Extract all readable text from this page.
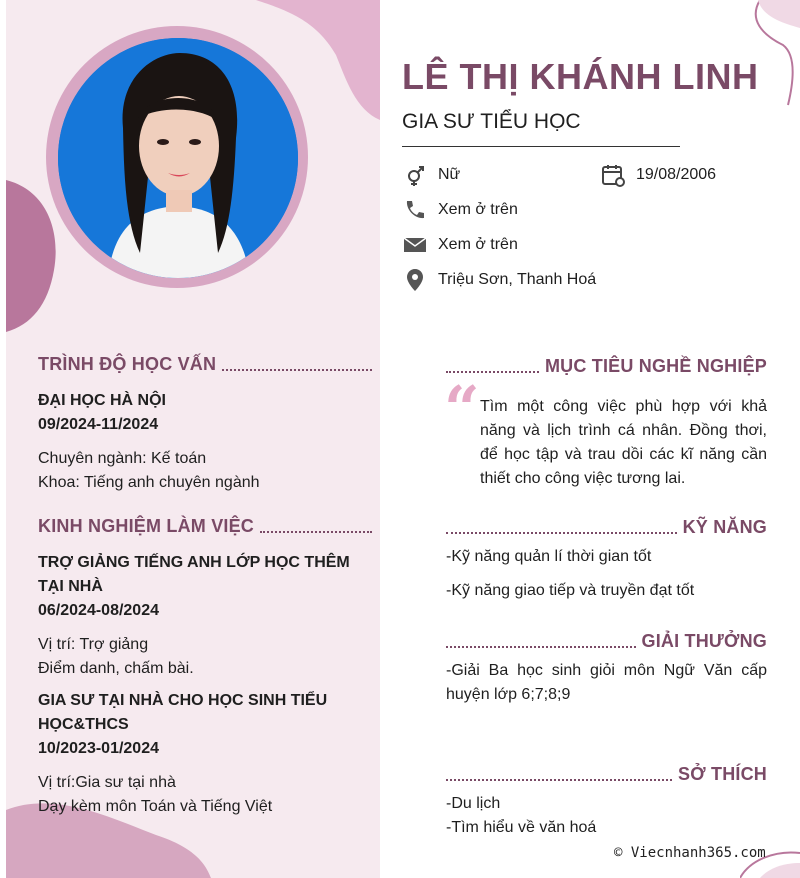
TRÌNH ĐỘ HỌC VẤN
ĐẠI HỌC HÀ NỘI
09/2024-11/2024
Chuyên ngành: Kế toán
Khoa: Tiếng anh chuyên ngành
KINH NGHIỆM LÀM VIỆC
TRỢ GIẢNG TIẾNG ANH LỚP HỌC THÊM
TẠI NHÀ
06/2024-08/2024
Vị trí: Trợ giảng
Điểm danh, chấm bài.
GIA SƯ TẠI NHÀ CHO HỌC SINH TIỂU
HỌC&THCS
10/2023-01/2024
Vị trí:Gia sư tại nhà
Dạy kèm môn Toán và Tiếng Việt
LÊ THỊ KHÁNH LINH
GIA SƯ TIỂU HỌC
Nữ	19/08/2006
Xem ở trên
Xem ở trên
Triệu Sơn, Thanh Hoá
MỤC TIÊU NGHỀ NGHIỆP
“ Tìm một công việc phù hợp với khả năng và lịch trình cá nhân. Đồng thơi, để học tập và trau dồi các kĩ năng cần thiết cho công việc tương lai.
KỸ NĂNG
-Kỹ năng quản lí thời gian tốt
-Kỹ năng giao tiếp và truyền đạt tốt
GIẢI THƯỞNG
-Giải Ba học sinh giỏi môn Ngữ Văn cấp huyện lớp 6;7;8;9
SỞ THÍCH
-Du lịch
-Tìm hiểu về văn hoá
© Viecnhanh365.com
